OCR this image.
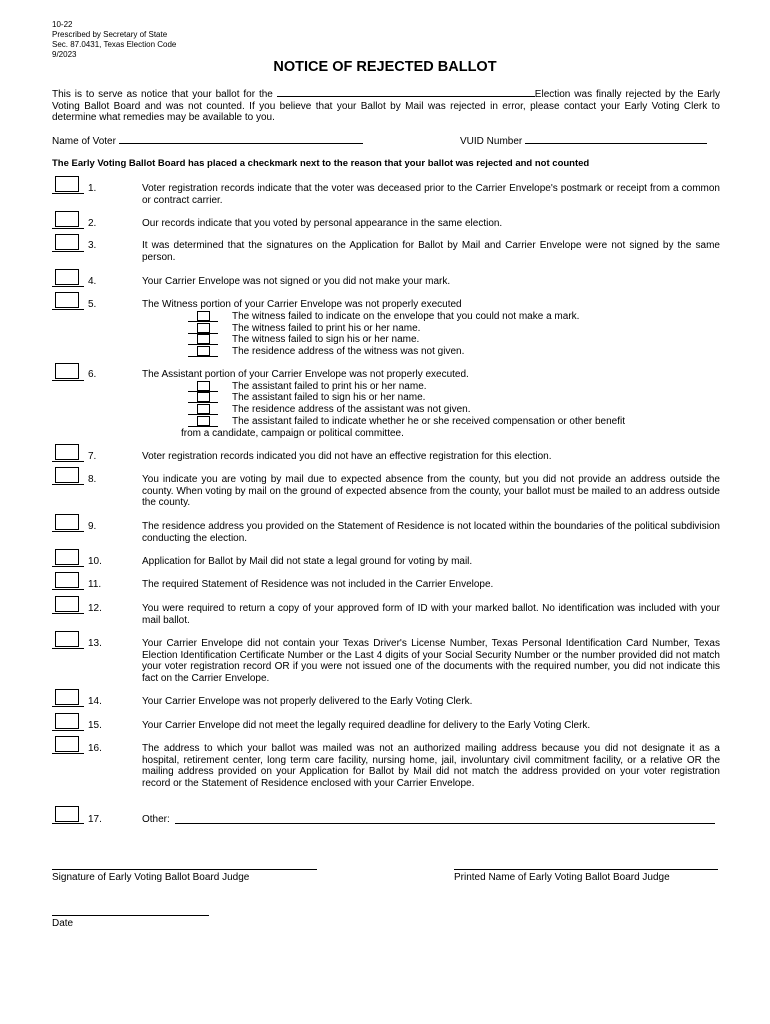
10-22
Prescribed by Secretary of State
Sec. 87.0431, Texas Election Code
9/2023
NOTICE OF REJECTED BALLOT
This is to serve as notice that your ballot for the	Election was finally rejected by the Early Voting Ballot Board and was not counted. If you believe that your Ballot by Mail was rejected in error, please contact your Early Voting Clerk to determine what remedies may be available to you.
Name of Voter	VUID Number
The Early Voting Ballot Board has placed a checkmark next to the reason that your ballot was rejected and not counted
1.	Voter registration records indicate that the voter was deceased prior to the Carrier Envelope's postmark or receipt from a common or contract carrier.
2.	Our records indicate that you voted by personal appearance in the same election.
3.	It was determined that the signatures on the Application for Ballot by Mail and Carrier Envelope were not signed by the same person.
4.	Your Carrier Envelope was not signed or you did not make your mark.
5.	The Witness portion of your Carrier Envelope was not properly executed
The witness failed to indicate on the envelope that you could not make a mark.
The witness failed to print his or her name.
The witness failed to sign his or her name.
The residence address of the witness was not given.
6.	The Assistant portion of your Carrier Envelope was not properly executed.
The assistant failed to print his or her name.
The assistant failed to sign his or her name.
The residence address of the assistant was not given.
The assistant failed to indicate whether he or she received compensation or other benefit
from a candidate, campaign or political committee.
7.	Voter registration records indicated you did not have an effective registration for this election.
8.	You indicate you are voting by mail due to expected absence from the county, but you did not provide an address outside the county. When voting by mail on the ground of expected absence from the county, your ballot must be mailed to an address outside the county.
9.	The residence address you provided on the Statement of Residence is not located within the boundaries of the political subdivision conducting the election.
10.	Application for Ballot by Mail did not state a legal ground for voting by mail.
11.	The required Statement of Residence was not included in the Carrier Envelope.
12.	You were required to return a copy of your approved form of ID with your marked ballot. No identification was included with your mail ballot.
13.	Your Carrier Envelope did not contain your Texas Driver's License Number, Texas Personal Identification Card Number, Texas Election Identification Certificate Number or the Last 4 digits of your Social Security Number or the number provided did not match your voter registration record OR if you were not issued one of the documents with the required number, you did not indicate this fact on the Carrier Envelope.
14.	Your Carrier Envelope was not properly delivered to the Early Voting Clerk.
15.	Your Carrier Envelope did not meet the legally required deadline for delivery to the Early Voting Clerk.
16.	The address to which your ballot was mailed was not an authorized mailing address because you did not designate it as a hospital, retirement center, long term care facility, nursing home, jail, involuntary civil commitment facility, or a relative OR the mailing address provided on your Application for Ballot by Mail did not match the address provided on your voter registration record or the Statement of Residence enclosed with your Carrier Envelope.
17.	Other:
Signature of Early Voting Ballot Board Judge	Printed Name of Early Voting Ballot Board Judge
Date
